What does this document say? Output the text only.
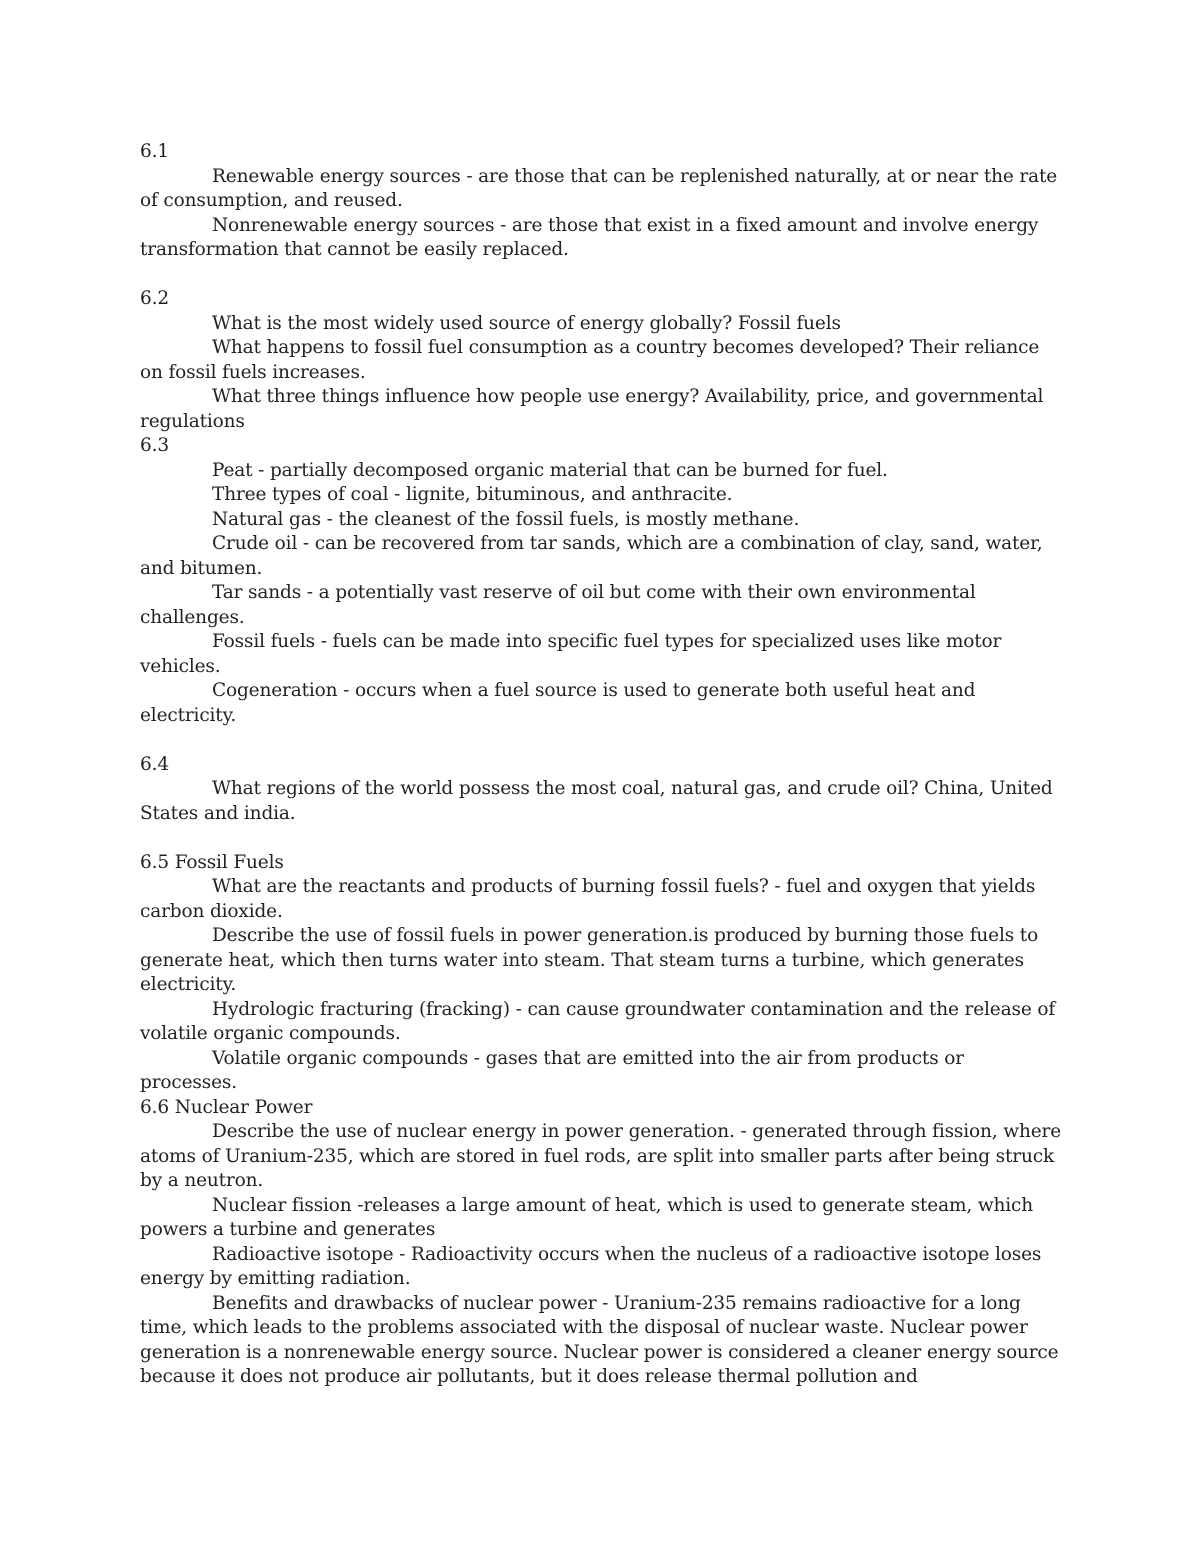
6.1

Renewable energy sources - are those that can be replenished naturally, at or near the rate of consumption, and reused.

Nonrenewable energy sources - are those that exist in a fixed amount and involve energy transformation that cannot be easily replaced.

6.2

What is the most widely used source of energy globally? Fossil fuels

What happens to fossil fuel consumption as a country becomes developed? Their reliance on fossil fuels increases.

What three things influence how people use energy? Availability, price, and governmental regulations

6.3

Peat - partially decomposed organic material that can be burned for fuel.

Three types of coal - lignite, bituminous, and anthracite.

Natural gas - the cleanest of the fossil fuels, is mostly methane.

Crude oil - can be recovered from tar sands, which are a combination of clay, sand, water, and bitumen.

Tar sands - a potentially vast reserve of oil but come with their own environmental challenges.

Fossil fuels - fuels can be made into specific fuel types for specialized uses like motor vehicles.

Cogeneration - occurs when a fuel source is used to generate both useful heat and electricity.

6.4

What regions of the world possess the most coal, natural gas, and crude oil? China, United States and india.

6.5 Fossil Fuels

What are the reactants and products of burning fossil fuels? - fuel and oxygen that yields carbon dioxide.

Describe the use of fossil fuels in power generation.is produced by burning those fuels to generate heat, which then turns water into steam. That steam turns a turbine, which generates electricity.

Hydrologic fracturing (fracking) - can cause groundwater contamination and the release of volatile organic compounds.

Volatile organic compounds - gases that are emitted into the air from products or processes.

6.6 Nuclear Power

Describe the use of nuclear energy in power generation. - generated through fission, where atoms of Uranium-235, which are stored in fuel rods, are split into smaller parts after being struck by a neutron.

Nuclear fission -releases a large amount of heat, which is used to generate steam, which powers a turbine and generates

Radioactive isotope - Radioactivity occurs when the nucleus of a radioactive isotope loses energy by emitting radiation.

Benefits and drawbacks of nuclear power - Uranium-235 remains radioactive for a long time, which leads to the problems associated with the disposal of nuclear waste. Nuclear power generation is a nonrenewable energy source. Nuclear power is considered a cleaner energy source because it does not produce air pollutants, but it does release thermal pollution and
